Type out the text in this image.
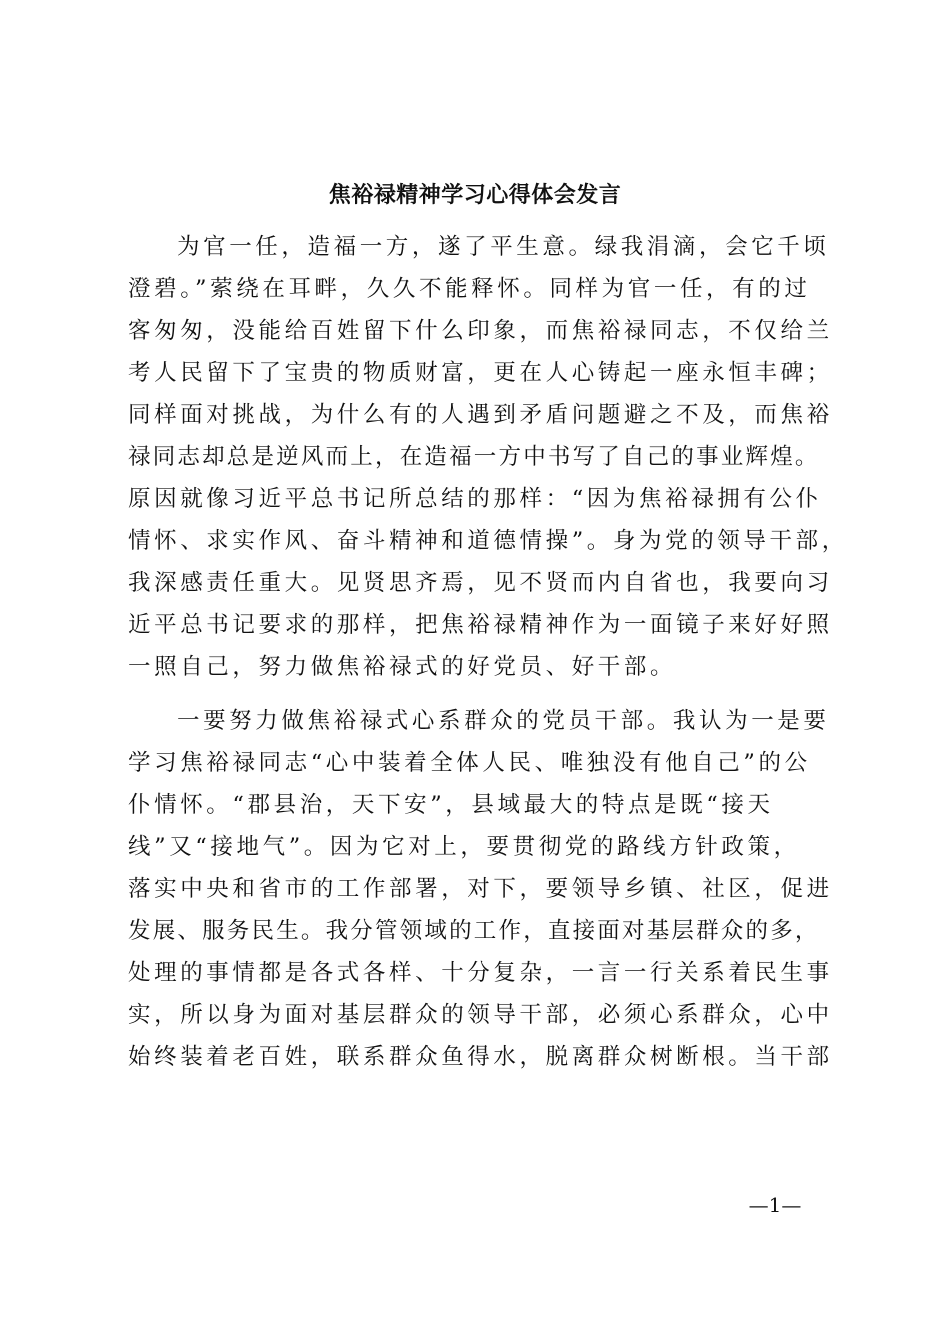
焦裕禄精神学习心得体会发言
为官一任，造福一方，遂了平生意。绿我涓滴，会它千顷
澄碧。”萦绕在耳畔，久久不能释怀。同样为官一任，有的过
客匆匆，没能给百姓留下什么印象，而焦裕禄同志，不仅给兰
考人民留下了宝贵的物质财富，更在人心铸起一座永恒丰碑；
同样面对挑战，为什么有的人遇到矛盾问题避之不及，而焦裕
禄同志却总是逆风而上，在造福一方中书写了自己的事业辉煌。
原因就像习近平总书记所总结的那样：“因为焦裕禄拥有公仆
情怀、求实作风、奋斗精神和道德情操”。身为党的领导干部，
我深感责任重大。见贤思齐焉，见不贤而内自省也，我要向习
近平总书记要求的那样，把焦裕禄精神作为一面镜子来好好照
一照自己，努力做焦裕禄式的好党员、好干部。
一要努力做焦裕禄式心系群众的党员干部。我认为一是要
学习焦裕禄同志“心中装着全体人民、唯独没有他自己”的公
仆情怀。“郡县治，天下安”，县域最大的特点是既“接天
线”又“接地气”。因为它对上，要贯彻党的路线方针政策，
落实中央和省市的工作部署，对下，要领导乡镇、社区，促进
发展、服务民生。我分管领域的工作，直接面对基层群众的多，
处理的事情都是各式各样、十分复杂，一言一行关系着民生事
实，所以身为面对基层群众的领导干部，必须心系群众，心中
始终装着老百姓，联系群众鱼得水，脱离群众树断根。当干部
—1—
